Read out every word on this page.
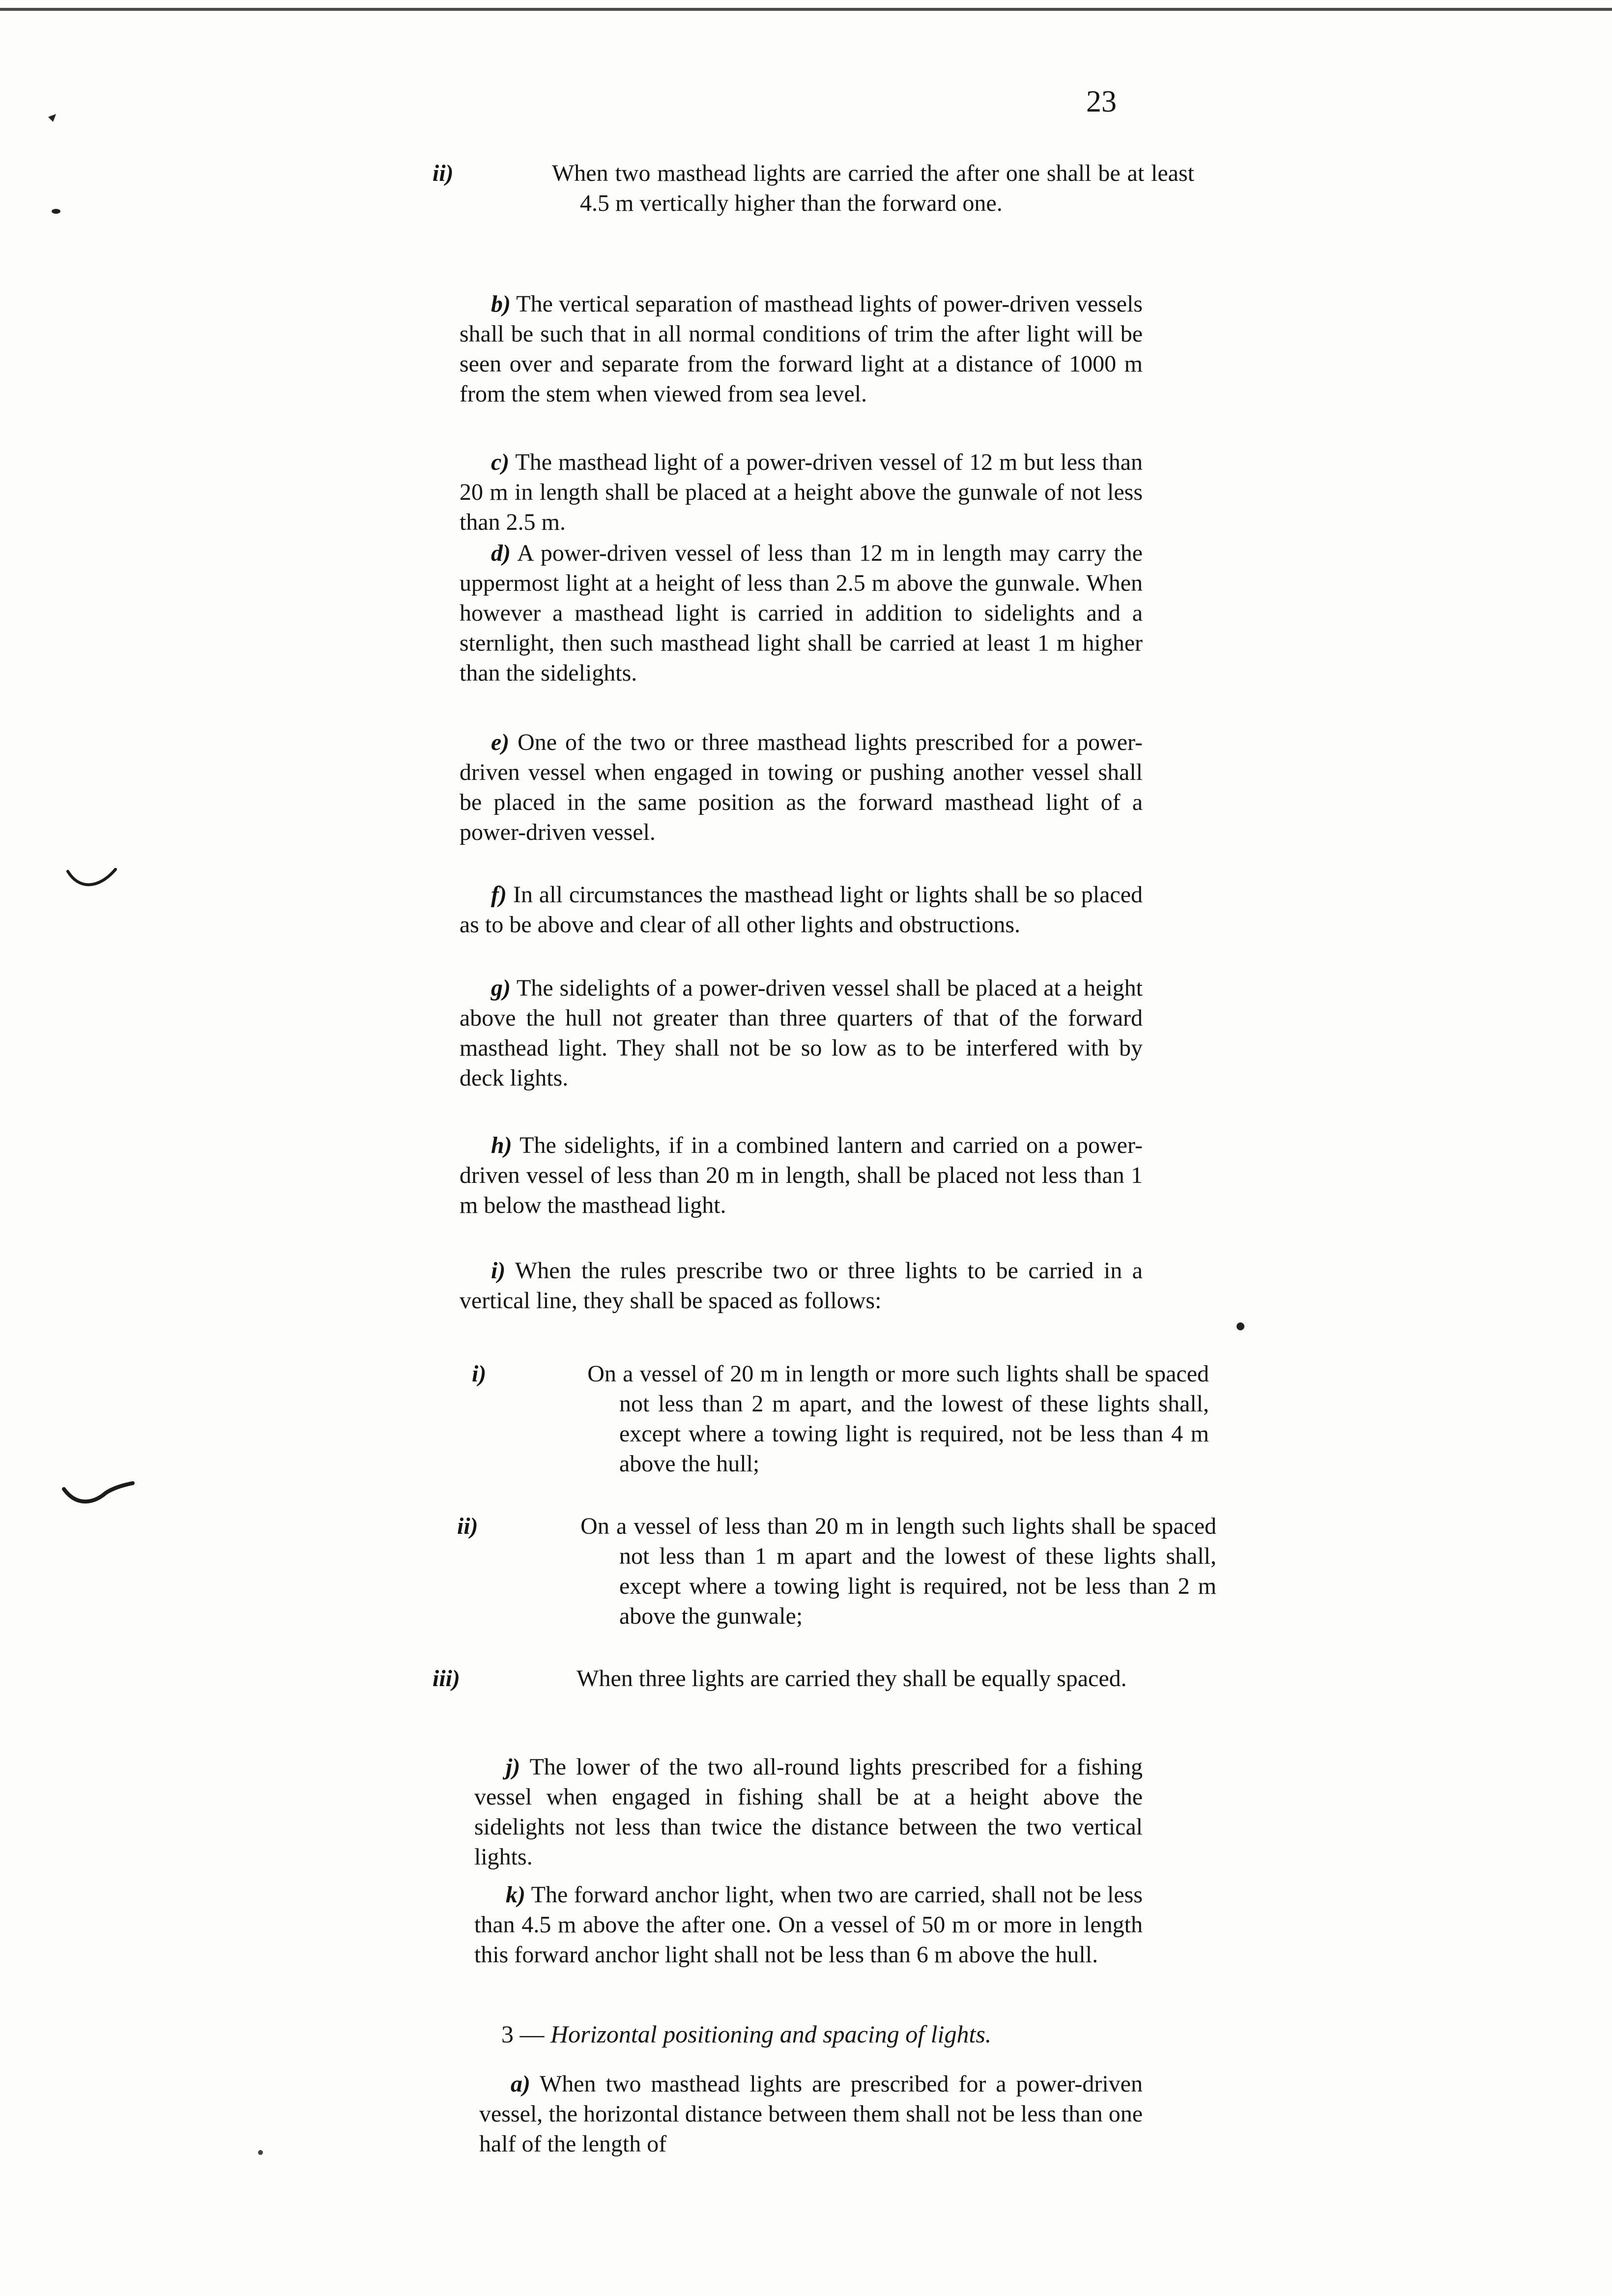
23
ii)	When two masthead lights are carried the after one shall be at least 4.5 m vertically higher than the forward one.

b) The vertical separation of masthead lights of power-driven vessels shall be such that in all normal conditions of trim the after light will be seen over and separate from the forward light at a distance of 1000 m from the stem when viewed from sea level.

c) The masthead light of a power-driven vessel of 12 m but less than 20 m in length shall be placed at a height above the gunwale of not less than 2.5 m.

d) A power-driven vessel of less than 12 m in length may carry the uppermost light at a height of less than 2.5 m above the gunwale. When however a masthead light is carried in addition to sidelights and a sternlight, then such masthead light shall be carried at least 1 m higher than the sidelights.

e) One of the two or three masthead lights prescribed for a power-driven vessel when engaged in towing or pushing another vessel shall be placed in the same position as the forward masthead light of a power-driven vessel.

f) In all circumstances the masthead light or lights shall be so placed as to be above and clear of all other lights and obstructions.

g) The sidelights of a power-driven vessel shall be placed at a height above the hull not greater than three quarters of that of the forward masthead light. They shall not be so low as to be interfered with by deck lights.

h) The sidelights, if in a combined lantern and carried on a power-driven vessel of less than 20 m in length, shall be placed not less than 1 m below the masthead light.

i) When the rules prescribe two or three lights to be carried in a vertical line, they shall be spaced as follows:

i)	On a vessel of 20 m in length or more such lights shall be spaced not less than 2 m apart, and the lowest of these lights shall, except where a towing light is required, not be less than 4 m above the hull;
ii)	On a vessel of less than 20 m in length such lights shall be spaced not less than 1 m apart and the lowest of these lights shall, except where a towing light is required, not be less than 2 m above the gunwale;
iii)	When three lights are carried they shall be equally spaced.

j) The lower of the two all-round lights prescribed for a fishing vessel when engaged in fishing shall be at a height above the sidelights not less than twice the distance between the two vertical lights.

k) The forward anchor light, when two are carried, shall not be less than 4.5 m above the after one. On a vessel of 50 m or more in length this forward anchor light shall not be less than 6 m above the hull.

3 — Horizontal positioning and spacing of lights.

a) When two masthead lights are prescribed for a power-driven vessel, the horizontal distance between them shall not be less than one half of the length of
